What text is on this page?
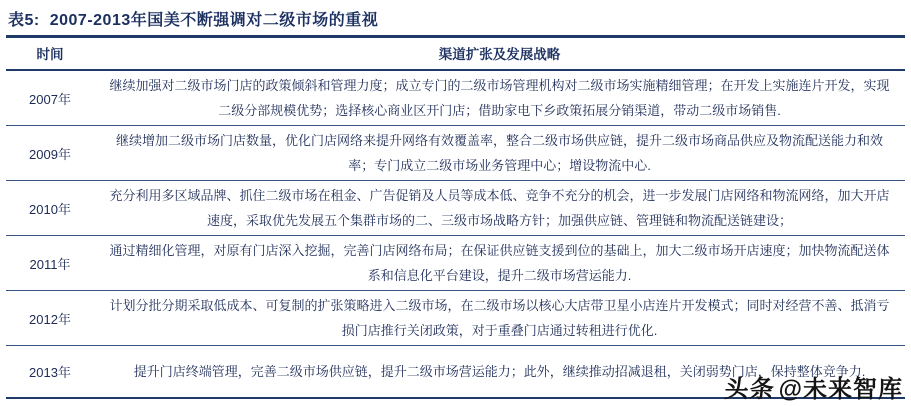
表5: 2007-2013年国美不断强调对二级市场的重视
时间	渠道扩张及发展战略
2007年
继续加强对二级市场门店的政策倾斜和管理力度；成立专门的二级市场管理机构对二级市场实施精细管理；在开发上实施连片开发，实现二级分部规模优势；选择核心商业区开门店；借助家电下乡政策拓展分销渠道，带动二级市场销售.
2009年
继续增加二级市场门店数量，优化门店网络来提升网络有效覆盖率，整合二级市场供应链，提升二级市场商品供应及物流配送能力和效率；专门成立二级市场业务管理中心；增设物流中心.
2010年
充分利用多区域品牌、抓住二级市场在租金、广告促销及人员等成本低、竞争不充分的机会，进一步发展门店网络和物流网络，加大开店速度，采取优先发展五个集群市场的二、三级市场战略方针；加强供应链、管理链和物流配送链建设；
2011年
通过精细化管理，对原有门店深入挖掘，完善门店网络布局；在保证供应链支援到位的基础上，加大二级市场开店速度；加快物流配送体系和信息化平台建设，提升二级市场营运能力.
2012年
计划分批分期采取低成本、可复制的扩张策略进入二级市场，在二级市场以核心大店带卫星小店连片开发模式；同时对经营不善、抵消亏损门店推行关闭政策，对于重叠门店通过转租进行优化.
2013年	提升门店终端管理，完善二级市场供应链，提升二级市场营运能力；此外，继续推动招减退租，关闭弱势门店，保持整体竞争力.
头条 @未来智库
